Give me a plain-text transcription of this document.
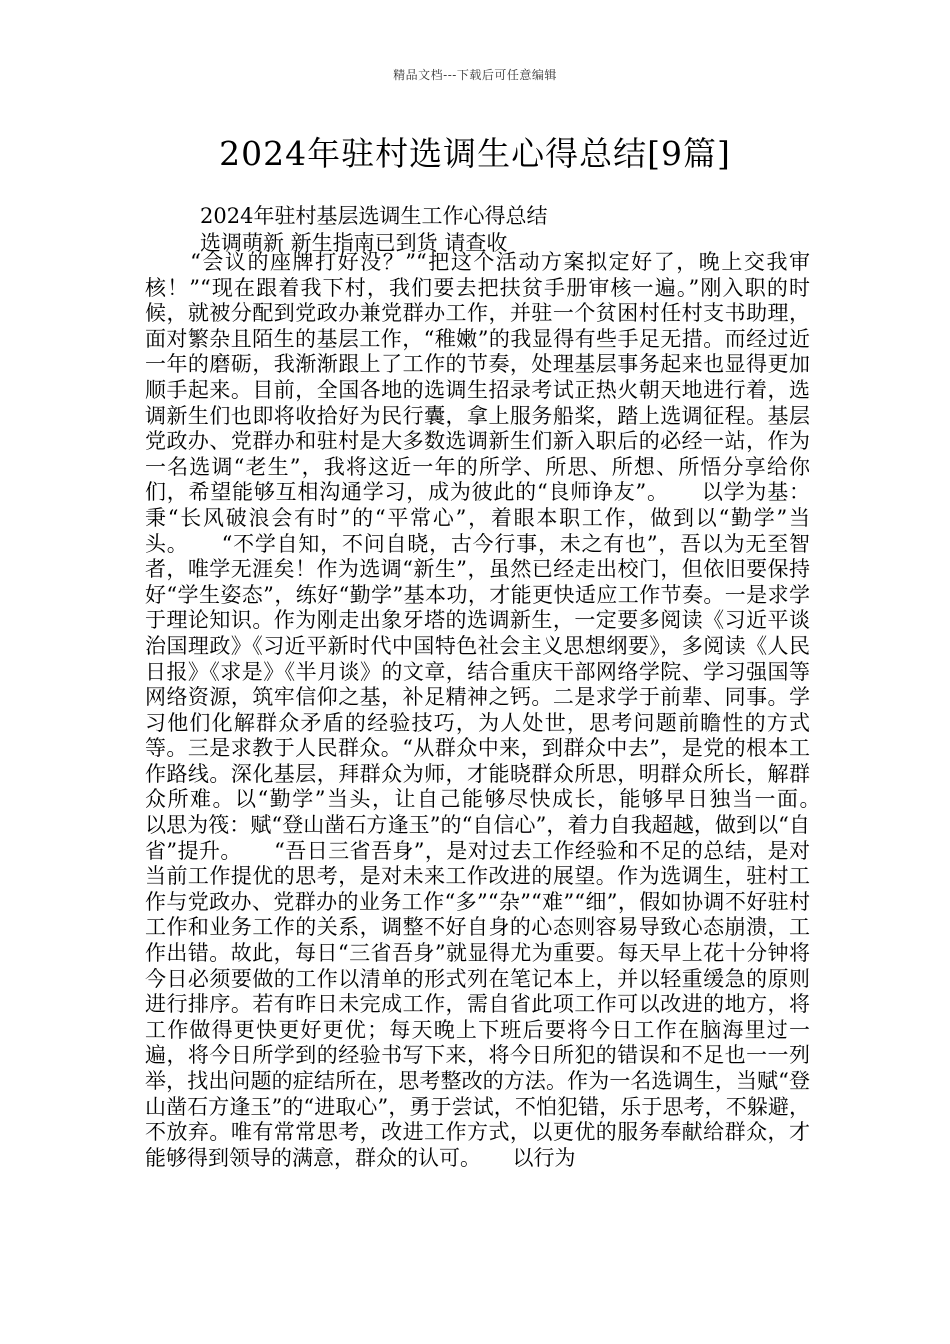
精品文档---下载后可任意编辑
2024年驻村选调生心得总结[9篇]
2024年驻村基层选调生工作心得总结
选调萌新 新生指南已到货 请查收

　　“会议的座牌打好没？”“把这个活动方案拟定好了，晚上交我审核！”“现在跟着我下村，我们要去把扶贫手册审核一遍。”刚入职的时候，就被分配到党政办兼党群办工作，并驻一个贫困村任村支书助理，面对繁杂且陌生的基层工作，“稚嫩”的我显得有些手足无措。而经过近一年的磨砺，我渐渐跟上了工作的节奏，处理基层事务起来也显得更加顺手起来。目前，全国各地的选调生招录考试正热火朝天地进行着，选调新生们也即将收拾好为民行囊，拿上服务船桨，踏上选调征程。基层党政办、党群办和驻村是大多数选调新生们新入职后的必经一站，作为一名选调“老生”，我将这近一年的所学、所思、所想、所悟分享给你们，希望能够互相沟通学习，成为彼此的“良师诤友”。　　以学为基：秉“长风破浪会有时”的“平常心”，着眼本职工作，做到以“勤学”当头。　　“不学自知，不问自晓，古今行事，未之有也”，吾以为无至智者，唯学无涯矣！作为选调“新生”，虽然已经走出校门，但依旧要保持好“学生姿态”，练好“勤学”基本功，才能更快适应工作节奏。一是求学于理论知识。作为刚走出象牙塔的选调新生，一定要多阅读《习近平谈治国理政》《习近平新时代中国特色社会主义思想纲要》，多阅读《人民日报》《求是》《半月谈》的文章，结合重庆干部网络学院、学习强国等网络资源，筑牢信仰之基，补足精神之钙。二是求学于前辈、同事。学习他们化解群众矛盾的经验技巧，为人处世，思考问题前瞻性的方式等。三是求教于人民群众。“从群众中来，到群众中去”，是党的根本工作路线。深化基层，拜群众为师，才能晓群众所思，明群众所长，解群众所难。以“勤学”当头，让自己能够尽快成长，能够早日独当一面。　　以思为筏：赋“登山凿石方逢玉”的“自信心”，着力自我超越，做到以“自省”提升。　　“吾日三省吾身”，是对过去工作经验和不足的总结，是对当前工作提优的思考，是对未来工作改进的展望。作为选调生，驻村工作与党政办、党群办的业务工作“多”“杂”“难”“细”，假如协调不好驻村工作和业务工作的关系，调整不好自身的心态则容易导致心态崩溃，工作出错。故此，每日“三省吾身”就显得尤为重要。每天早上花十分钟将今日必须要做的工作以清单的形式列在笔记本上，并以轻重缓急的原则进行排序。若有昨日未完成工作，需自省此项工作可以改进的地方，将工作做得更快更好更优；每天晚上下班后要将今日工作在脑海里过一遍，将今日所学到的经验书写下来，将今日所犯的错误和不足也一一列举，找出问题的症结所在，思考整改的方法。作为一名选调生，当赋“登山凿石方逢玉”的“进取心”，勇于尝试，不怕犯错，乐于思考，不躲避，不放弃。唯有常常思考，改进工作方式，以更优的服务奉献给群众，才能够得到领导的满意，群众的认可。　　以行为
